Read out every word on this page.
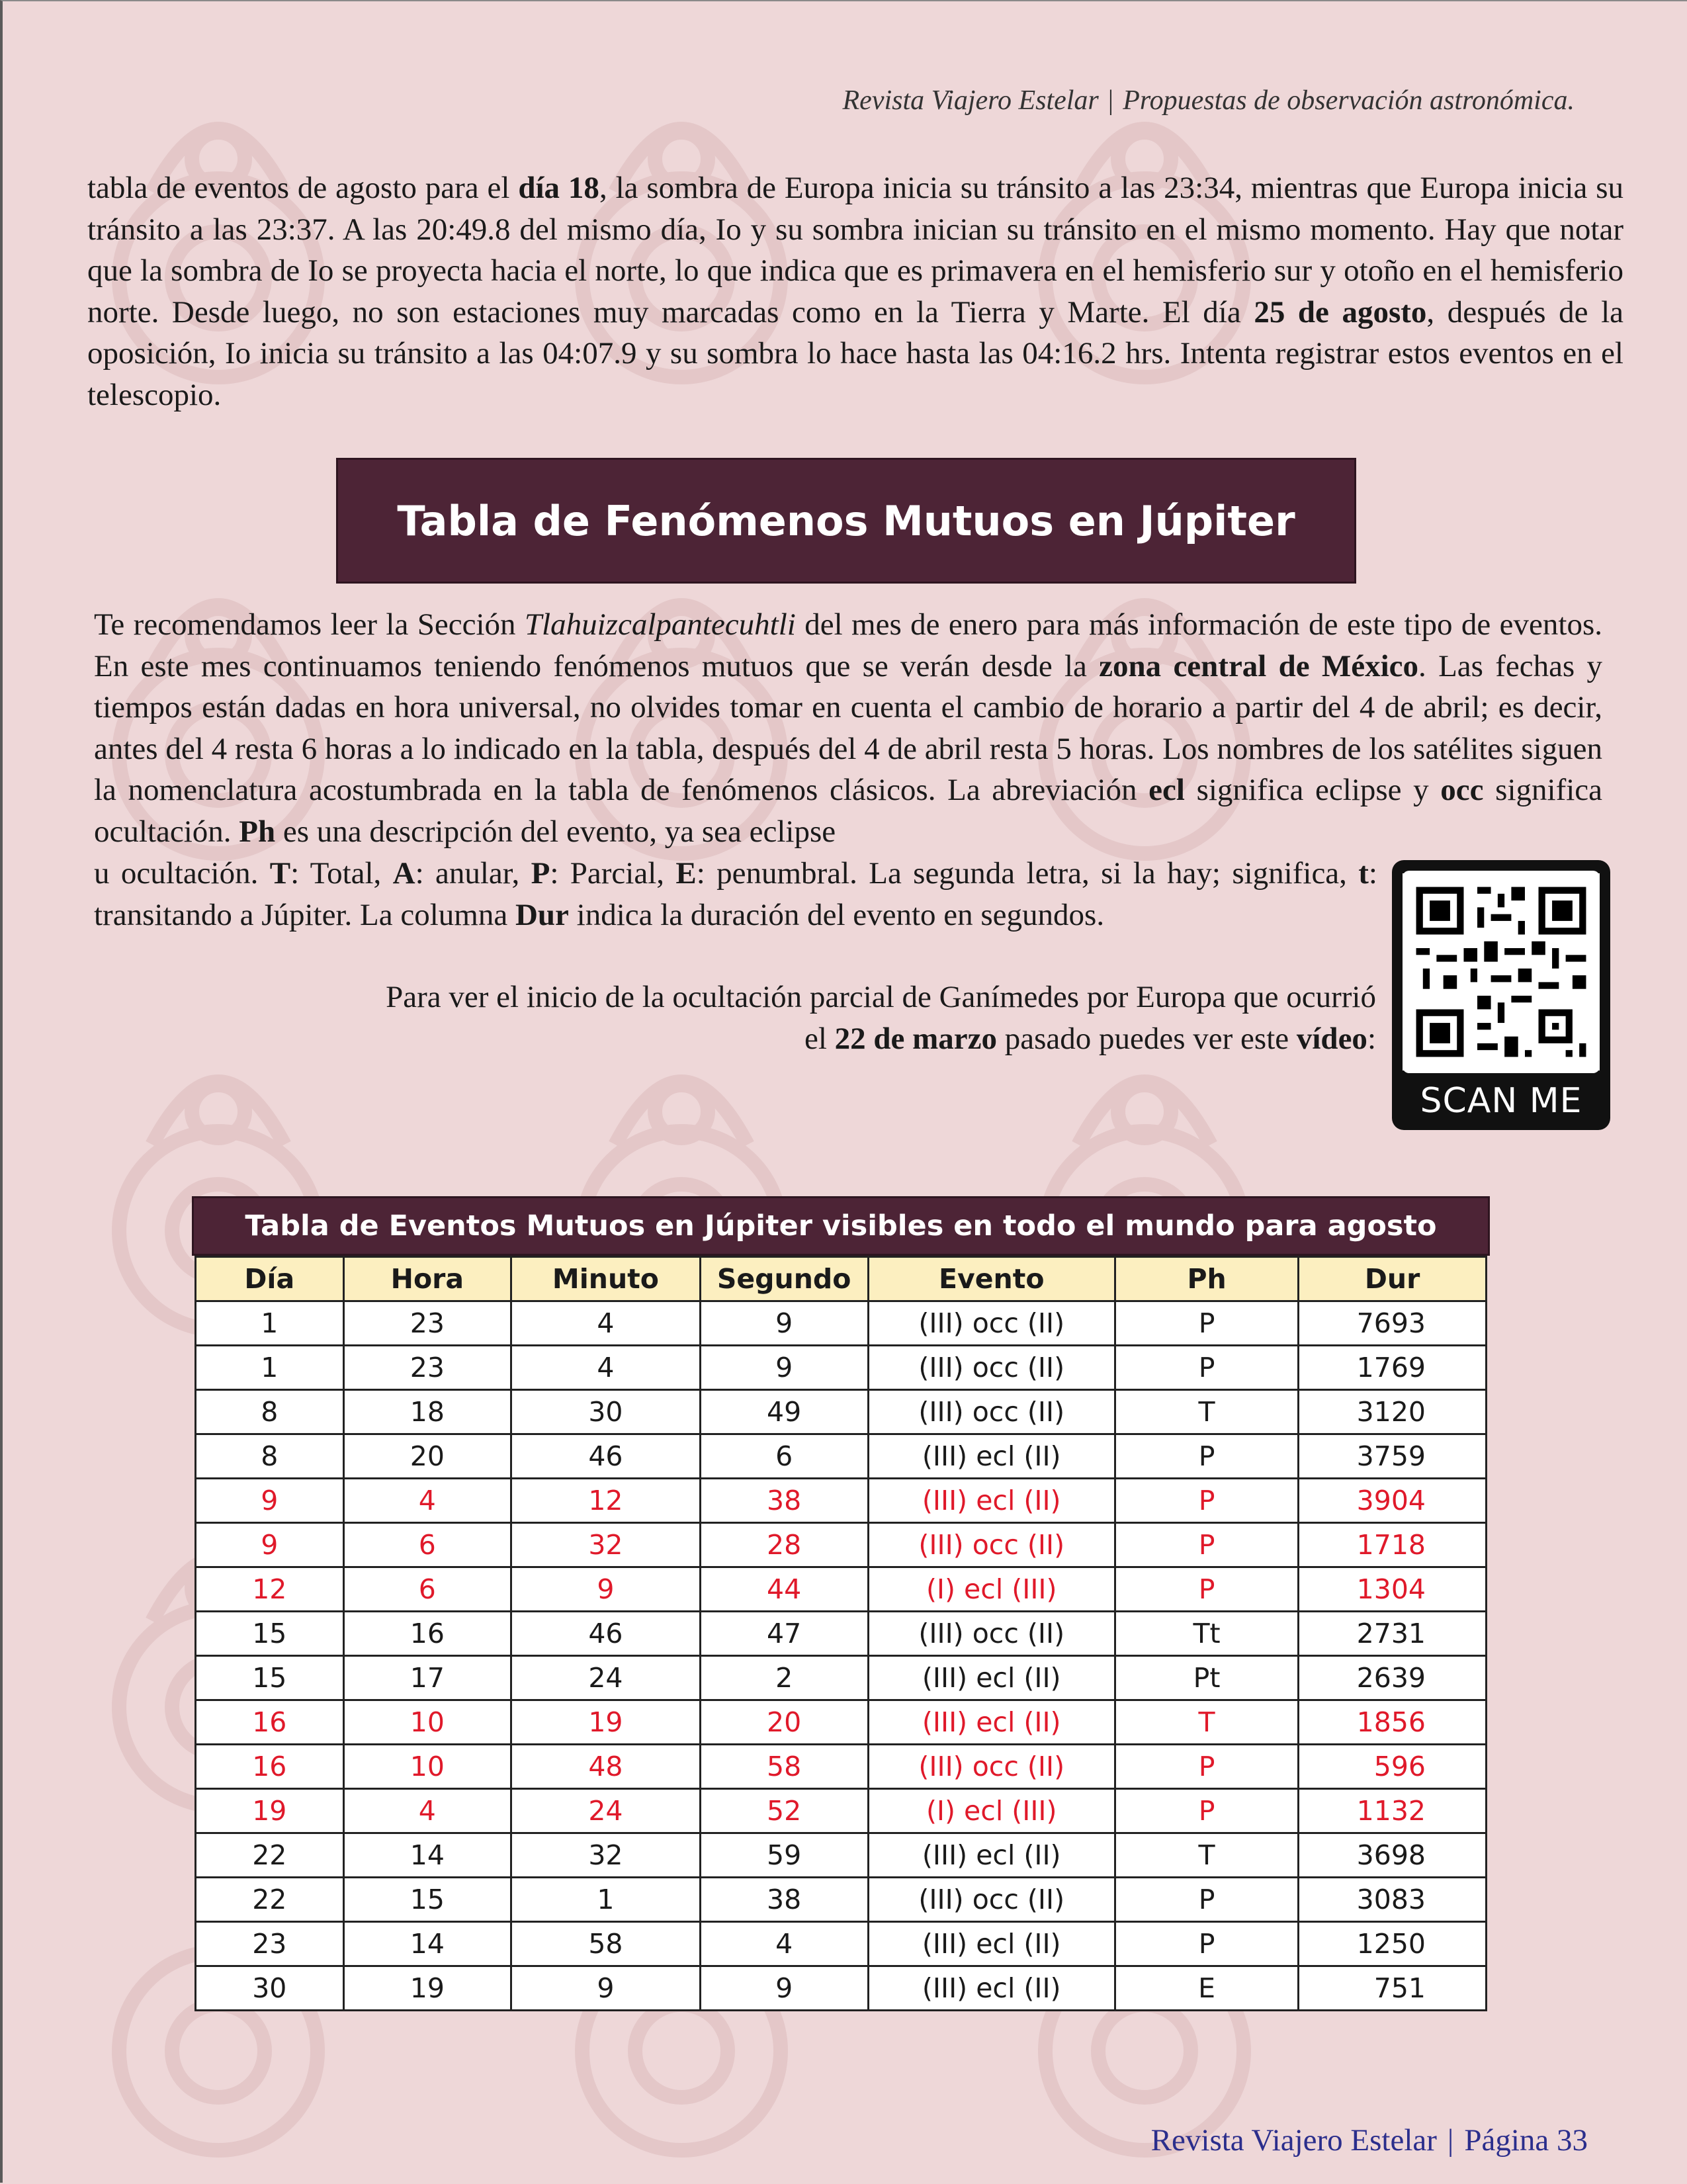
Revista Viajero Estelar | Propuestas de observación astronómica.

tabla de eventos de agosto para el día 18, la sombra de Europa inicia su tránsito a las 23:34, mientras que Europa inicia su tránsito a las 23:37. A las 20:49.8 del mismo día, Io y su sombra inician su tránsito en el mismo momento. Hay que notar que la sombra de Io se proyecta hacia el norte, lo que indica que es primavera en el hemisferio sur y otoño en el hemisferio norte. Desde luego, no son estaciones muy marcadas como en la Tierra y Marte. El día 25 de agosto, después de la oposición, Io inicia su tránsito a las 04:07.9 y su sombra lo hace hasta las 04:16.2 hrs. Intenta registrar estos eventos en el telescopio.

Tabla de Fenómenos Mutuos en Júpiter

Te recomendamos leer la Sección Tlahuizcalpantecuhtli del mes de enero para más información de este tipo de eventos. En este mes continuamos teniendo fenómenos mutuos que se verán desde la zona central de México. Las fechas y tiempos están dadas en hora universal, no olvides tomar en cuenta el cambio de horario a partir del 4 de abril; es decir, antes del 4 resta 6 horas a lo indicado en la tabla, después del 4 de abril resta 5 horas. Los nombres de los satélites siguen la nomenclatura acostumbrada en la tabla de fenómenos clásicos. La abreviación ecl significa eclipse y occ significa ocultación. Ph es una descripción del evento, ya sea eclipse

u ocultación. T: Total, A: anular, P: Parcial, E: penumbral. La segunda letra, si la hay; significa, t: transitando a Júpiter. La columna Dur indica la duración del evento en segundos.

Para ver el inicio de la ocultación parcial de Ganímedes por Europa que ocurrió el 22 de marzo pasado puedes ver este vídeo:

SCAN ME
Tabla de Eventos Mutuos en Júpiter visibles en todo el mundo para agosto
Día	Hora	Minuto	Segundo	Evento	Ph	Dur
1	23	4	9	(III) occ (II)	P	7693
1	23	4	9	(III) occ (II)	P	1769
8	18	30	49	(III) occ (II)	T	3120
8	20	46	6	(III) ecl (II)	P	3759
9	4	12	38	(III) ecl (II)	P	3904
9	6	32	28	(III) occ (II)	P	1718
12	6	9	44	(I) ecl (III)	P	1304
15	16	46	47	(III) occ (II)	Tt	2731
15	17	24	2	(III) ecl (II)	Pt	2639
16	10	19	20	(III) ecl (II)	T	1856
16	10	48	58	(III) occ (II)	P	596
19	4	24	52	(I) ecl (III)	P	1132
22	14	32	59	(III) ecl (II)	T	3698
22	15	1	38	(III) occ (II)	P	3083
23	14	58	4	(III) ecl (II)	P	1250
30	19	9	9	(III) ecl (II)	E	751
Revista Viajero Estelar | Página 33
